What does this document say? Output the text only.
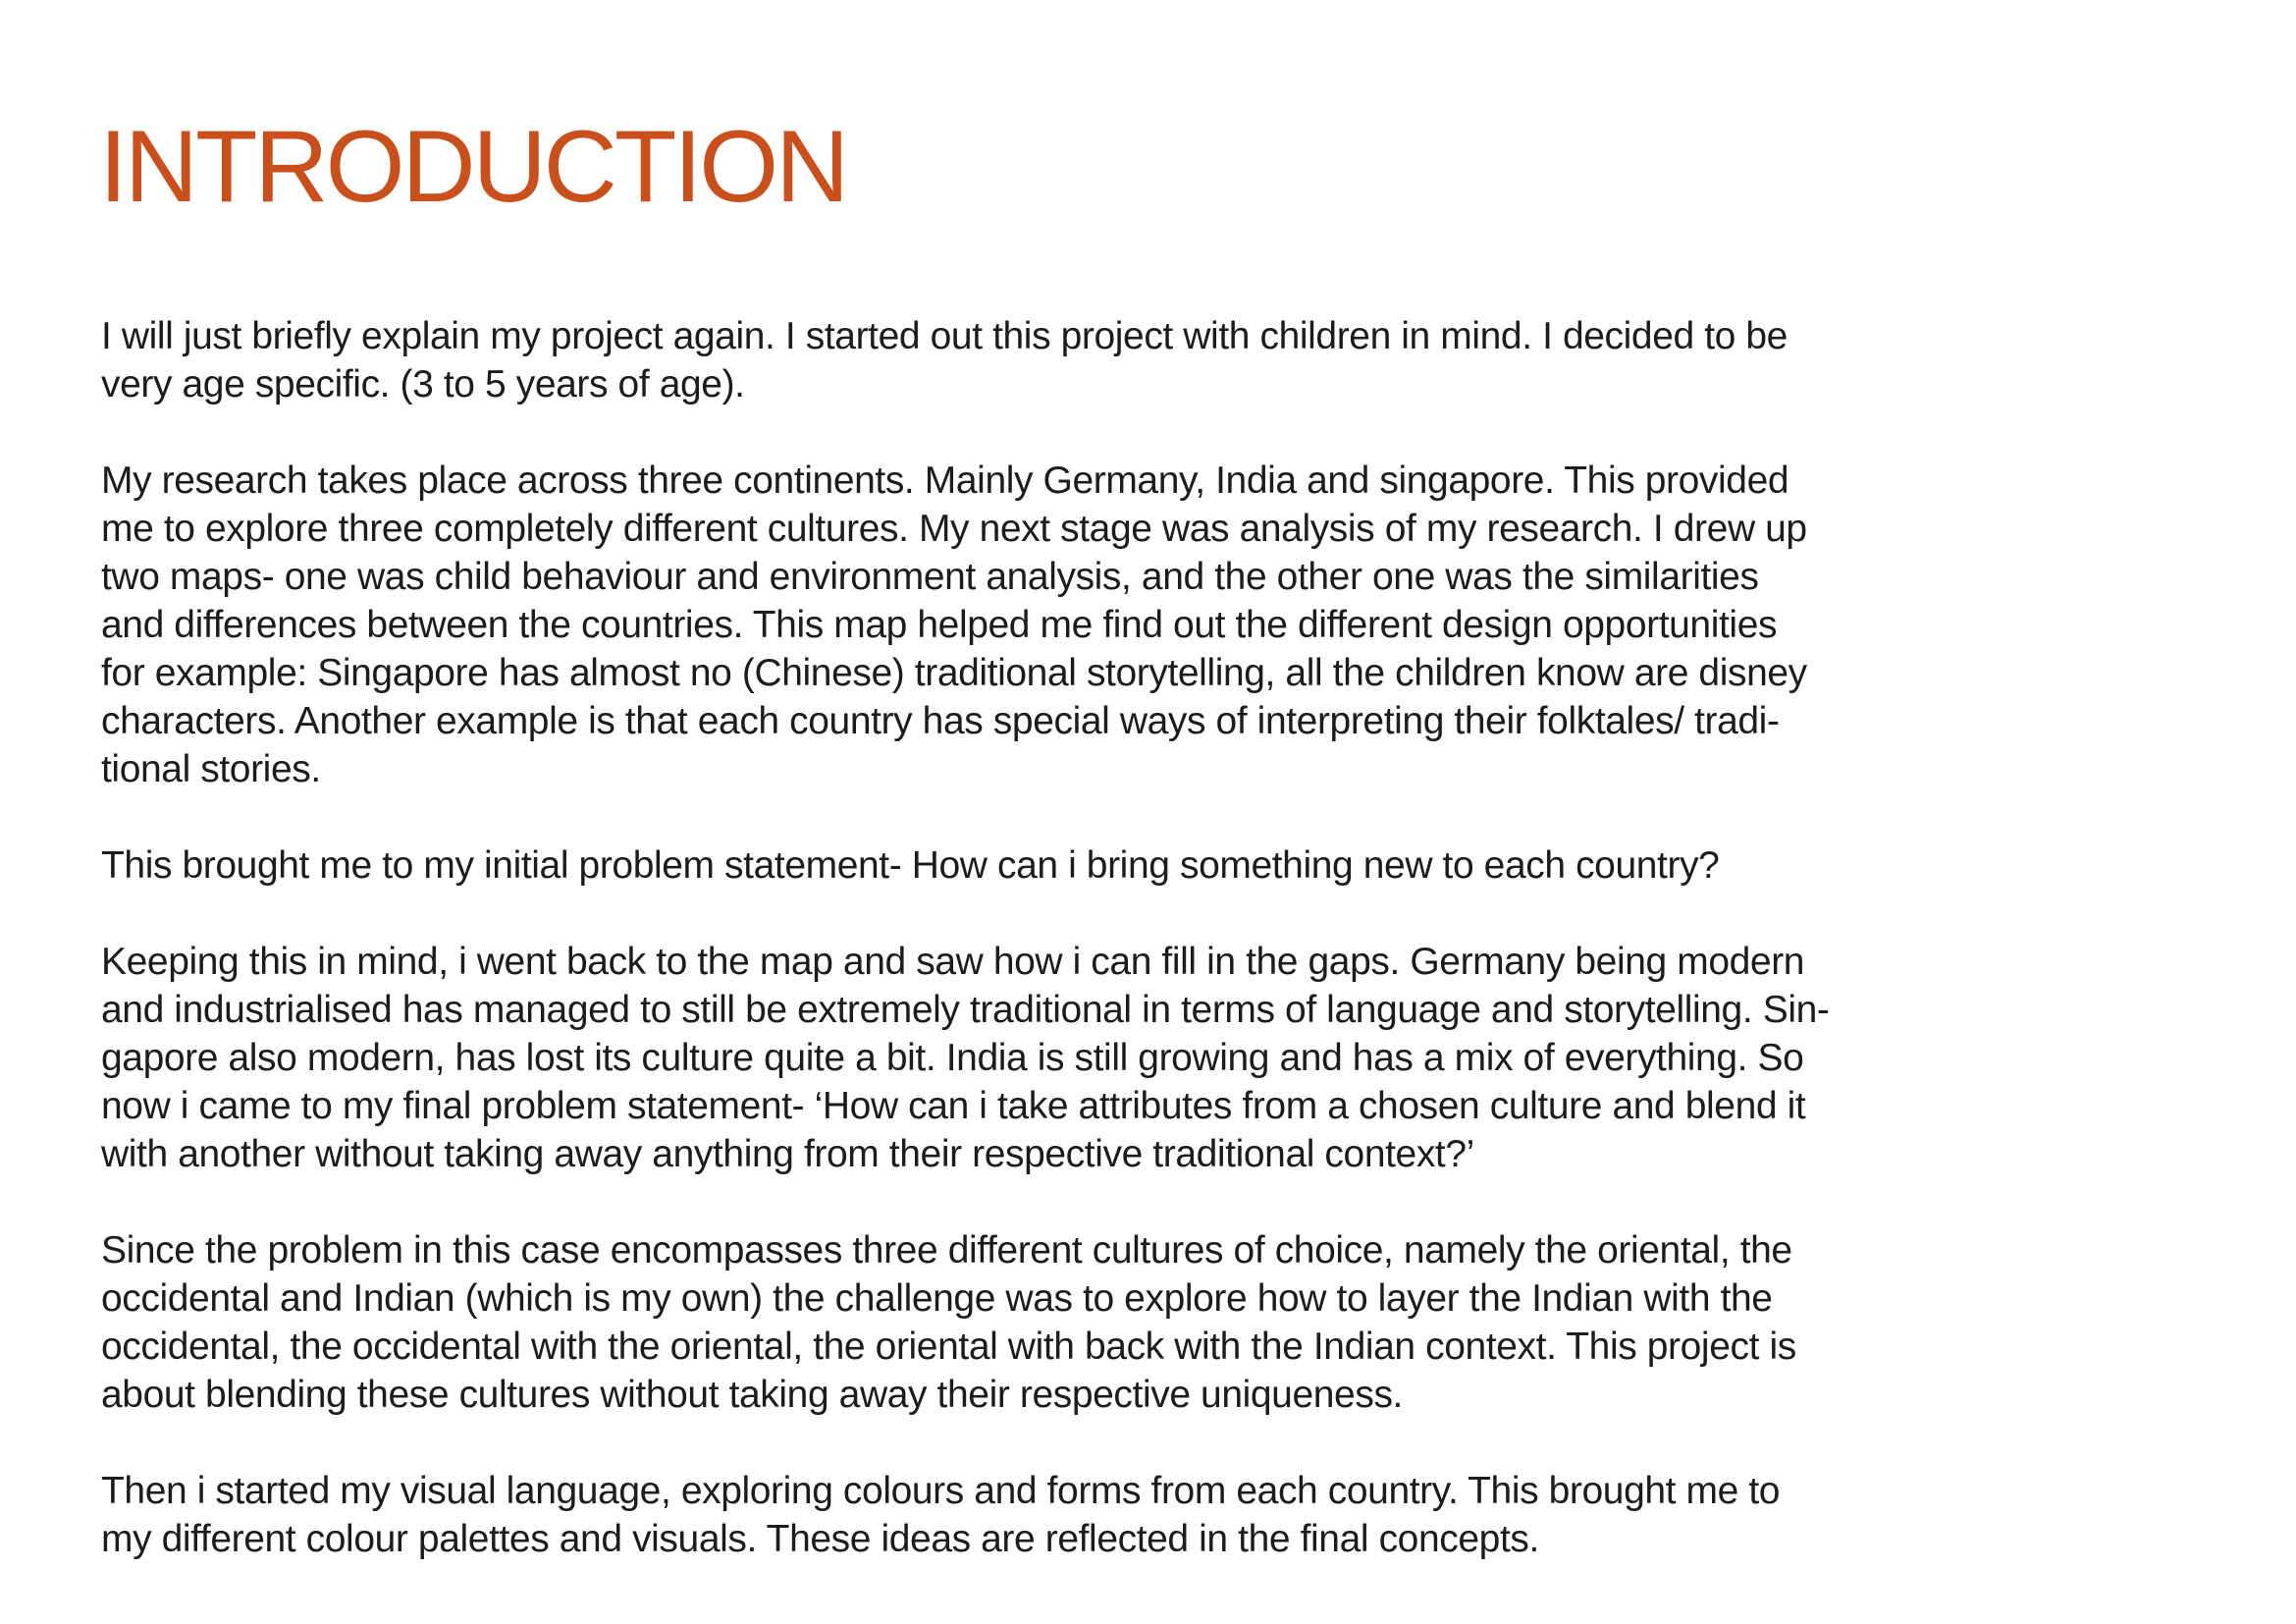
INTRODUCTION

I will just briefly explain my project again. I started out this project with children in mind. I decided to be
very age specific. (3 to 5 years of age).

My research takes place across three continents. Mainly Germany, India and singapore. This provided
me to explore three completely different cultures. My next stage was analysis of my research. I drew up
two maps- one was child behaviour and environment analysis, and the other one was the similarities
and differences between the countries. This map helped me find out the different design opportunities
for example: Singapore has almost no (Chinese) traditional storytelling, all the children know are disney
characters. Another example is that each country has special ways of interpreting their folktales/ tradi-
tional stories.

This brought me to my initial problem statement- How can i bring something new to each country?

Keeping this in mind, i went back to the map and saw how i can fill in the gaps. Germany being modern
and industrialised has managed to still be extremely traditional in terms of language and storytelling. Sin-
gapore also modern, has lost its culture quite a bit. India is still growing and has a mix of everything. So
now i came to my final problem statement- ‘How can i take attributes from a chosen culture and blend it
with another without taking away anything from their respective traditional context?’

Since the problem in this case encompasses three different cultures of choice, namely the oriental, the
occidental and Indian (which is my own) the challenge was to explore how to layer the Indian with the
occidental, the occidental with the oriental, the oriental with back with the Indian context. This project is
about blending these cultures without taking away their respective uniqueness.

Then i started my visual language, exploring colours and forms from each country. This brought me to
my different colour palettes and visuals. These ideas are reflected in the final concepts.
